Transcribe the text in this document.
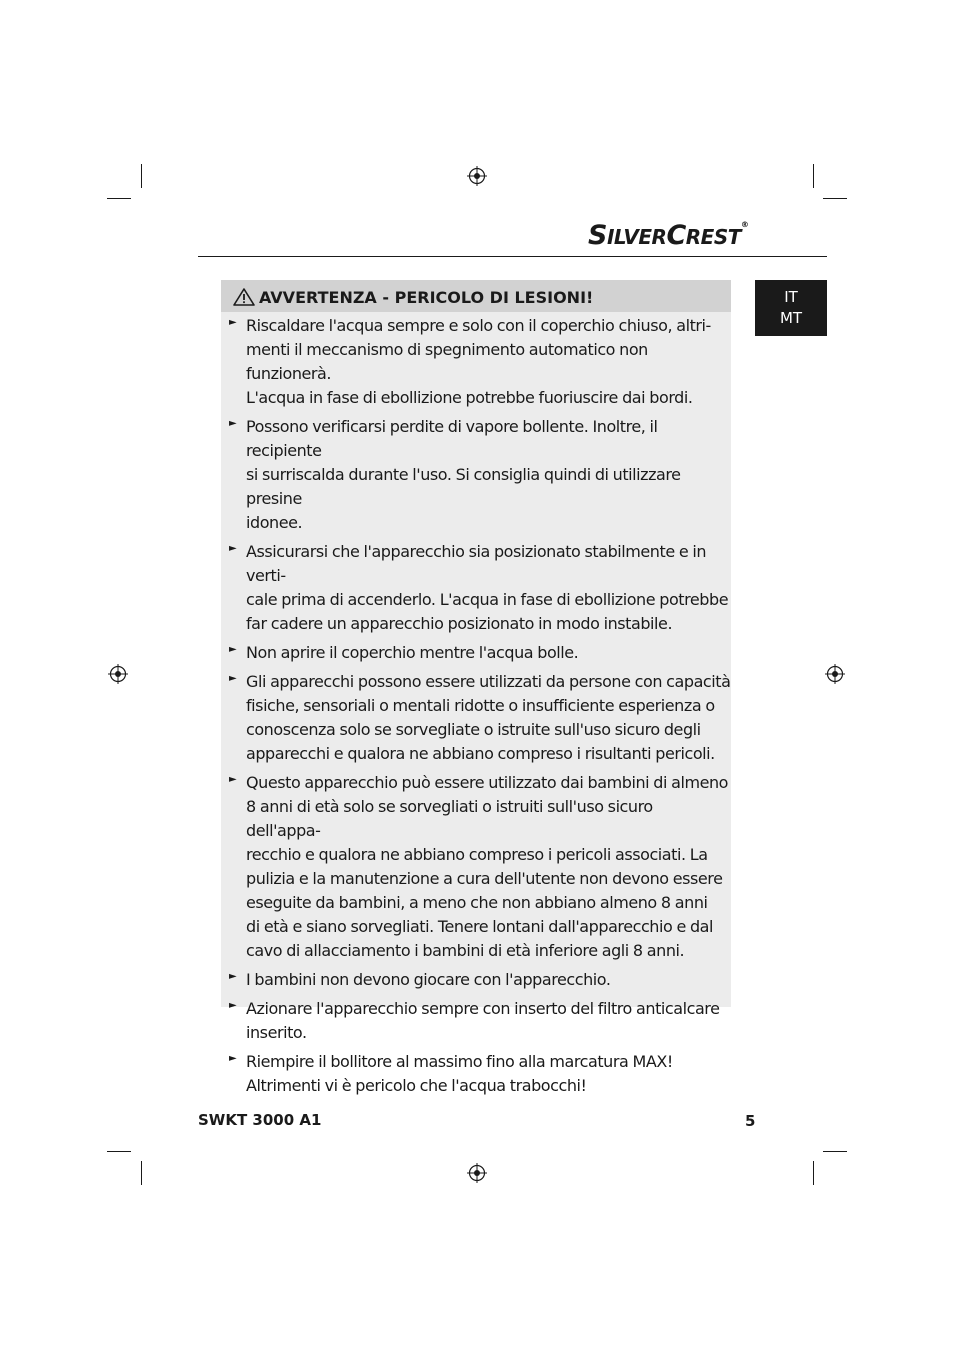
SILVERCREST®
IT
MT
AVVERTENZA - PERICOLO DI LESIONI!
► Riscaldare l'acqua sempre e solo con il coperchio chiuso, altri-
menti il meccanismo di spegnimento automatico non funzionerà.
L'acqua in fase di ebollizione potrebbe fuoriuscire dai bordi.
► Possono verificarsi perdite di vapore bollente. Inoltre, il recipiente
si surriscalda durante l'uso. Si consiglia quindi di utilizzare presine
idonee.
► Assicurarsi che l'apparecchio sia posizionato stabilmente e in verti-
cale prima di accenderlo. L'acqua in fase di ebollizione potrebbe
far cadere un apparecchio posizionato in modo instabile.
► Non aprire il coperchio mentre l'acqua bolle.
► Gli apparecchi possono essere utilizzati da persone con capacità
fisiche, sensoriali o mentali ridotte o insufficiente esperienza o
conoscenza solo se sorvegliate o istruite sull'uso sicuro degli
apparecchi e qualora ne abbiano compreso i risultanti pericoli.
► Questo apparecchio può essere utilizzato dai bambini di almeno
8 anni di età solo se sorvegliati o istruiti sull'uso sicuro dell'appa-
recchio e qualora ne abbiano compreso i pericoli associati. La
pulizia e la manutenzione a cura dell'utente non devono essere
eseguite da bambini, a meno che non abbiano almeno 8 anni
di età e siano sorvegliati. Tenere lontani dall'apparecchio e dal
cavo di allacciamento i bambini di età inferiore agli 8 anni.
► I bambini non devono giocare con l'apparecchio.
► Azionare l'apparecchio sempre con inserto del filtro anticalcare
inserito.
► Riempire il bollitore al massimo fino alla marcatura MAX!
Altrimenti vi è pericolo che l'acqua trabocchi!
SWKT 3000 A1	5
